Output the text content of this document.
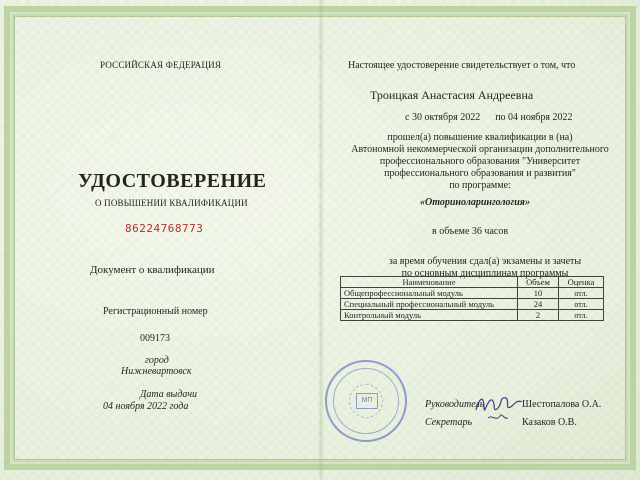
РОССИЙСКАЯ ФЕДЕРАЦИЯ
УДОСТОВЕРЕНИЕ
О ПОВЫШЕНИИ КВАЛИФИКАЦИИ
86224768773
Документ о квалификации
Регистрационный номер
009173
город
Нижневартовск
Дата выдачи
04 ноября 2022 года
Настоящее удостоверение свидетельствует о том, что
Троицкая Анастасия Андреевна
с 30 октября 2022      по 04 ноября 2022
прошел(а) повышение квалификации в (на)
Автономной некоммерческой организации дополнительного профессионального образования "Университет профессионального образования и развития"
по программе:
«Оториноларингология»
в объеме 36 часов
за время обучения сдал(а) экзамены и зачеты
по основным дисциплинам программы
Наименование	Объем	Оценка
Общепрофессиональный модуль	10	отл.
Специальный профессиональный модуль	24	отл.
Контрольный модуль	2	отл.
МП	Руководитель	Шестопалова О.А.
Секретарь	Казаков О.В.
